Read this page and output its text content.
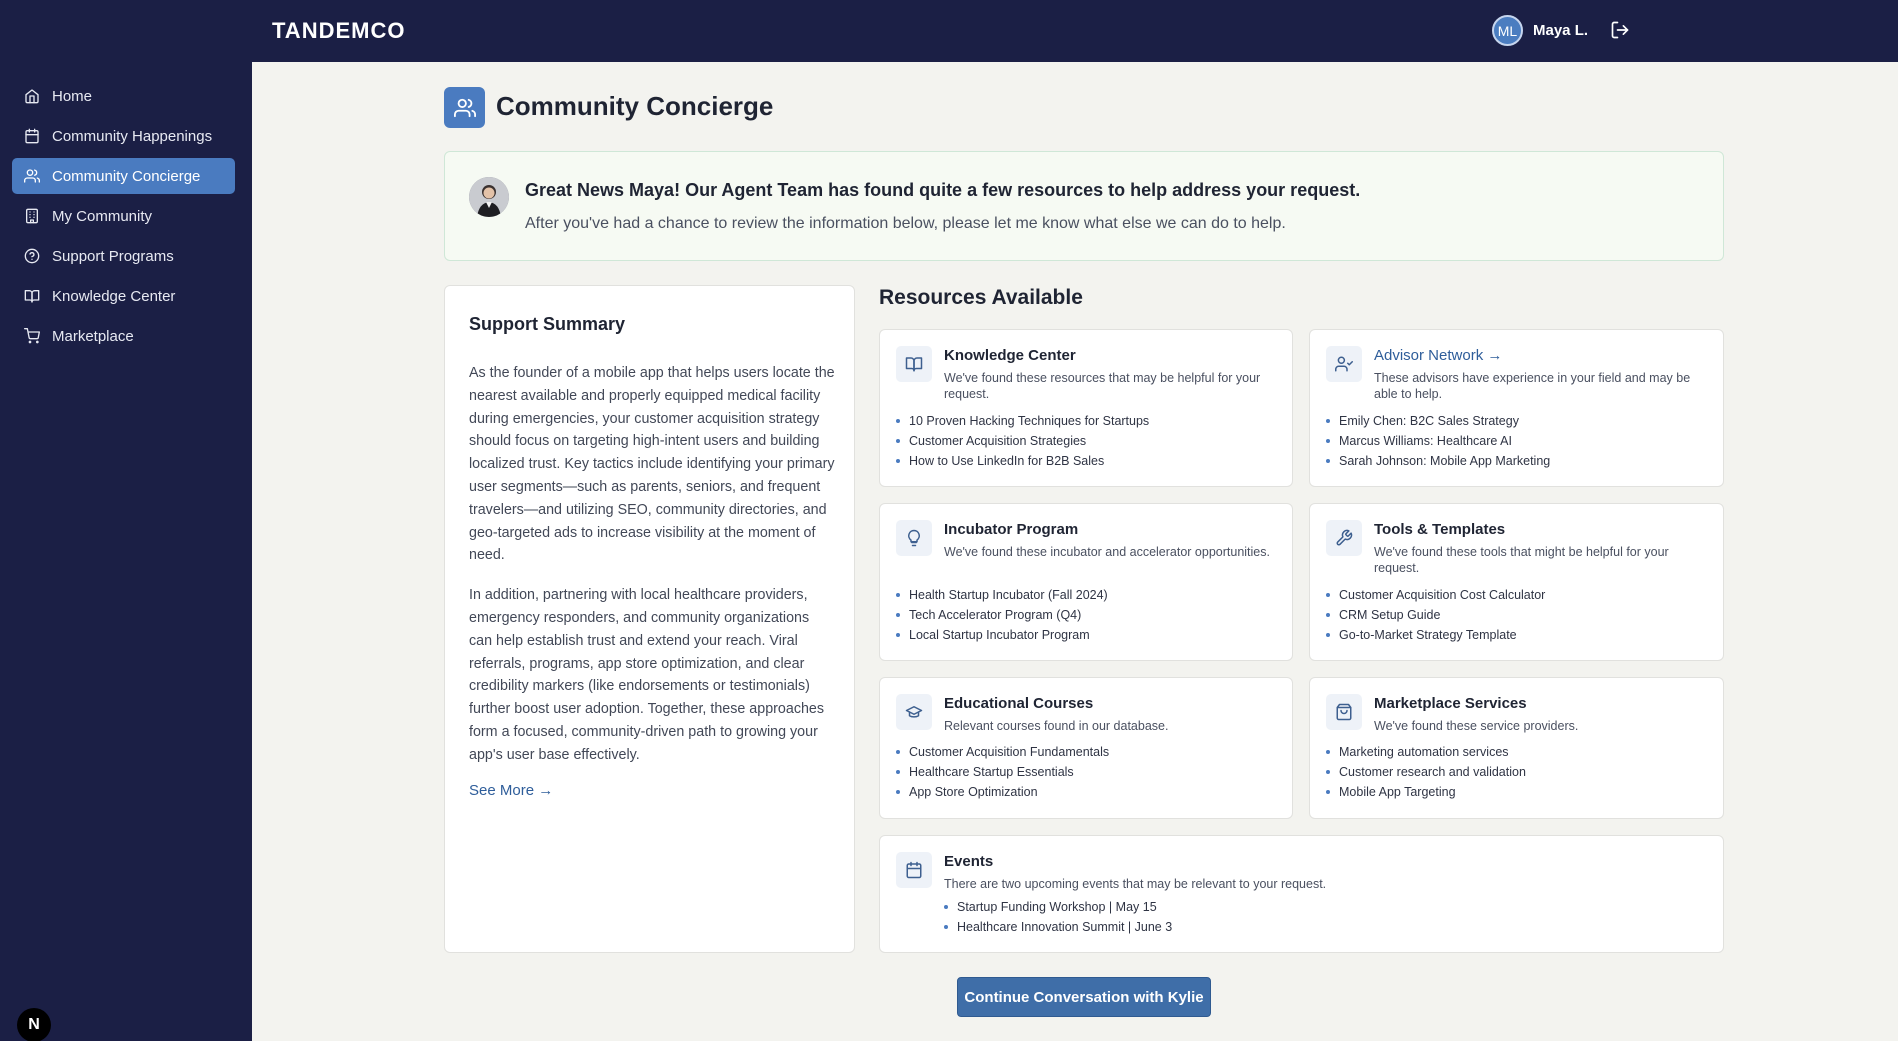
TANDEMCO	ML	Maya L.
Home
Community Happenings
Community Concierge
My Community
Support Programs
Knowledge Center
Marketplace
N
Community Concierge
Great News Maya! Our Agent Team has found quite a few resources to help address your request.
After you've had a chance to review the information below, please let me know what else we can do to help.
Support Summary

As the founder of a mobile app that helps users locate the nearest available and properly equipped medical facility during emergencies, your customer acquisition strategy should focus on targeting high-intent users and building localized trust. Key tactics include identifying your primary user segments—such as parents, seniors, and frequent travelers—and utilizing SEO, community directories, and geo-targeted ads to increase visibility at the moment of need.

In addition, partnering with local healthcare providers, emergency responders, and community organizations can help establish trust and extend your reach. Viral referrals, programs, app store optimization, and clear credibility markers (like endorsements or testimonials) further boost user adoption. Together, these approaches form a focused, community-driven path to growing your app's user base effectively.

See More →
Resources Available
Knowledge Center
We've found these resources that may be helpful for your request.
10 Proven Hacking Techniques for Startups
Customer Acquisition Strategies
How to Use LinkedIn for B2B Sales
Advisor Network →
These advisors have experience in your field and may be able to help.
Emily Chen: B2C Sales Strategy
Marcus Williams: Healthcare AI
Sarah Johnson: Mobile App Marketing
Incubator Program
We've found these incubator and accelerator opportunities.
Health Startup Incubator (Fall 2024)
Tech Accelerator Program (Q4)
Local Startup Incubator Program
Tools & Templates
We've found these tools that might be helpful for your request.
Customer Acquisition Cost Calculator
CRM Setup Guide
Go-to-Market Strategy Template
Educational Courses
Relevant courses found in our database.
Customer Acquisition Fundamentals
Healthcare Startup Essentials
App Store Optimization
Marketplace Services
We've found these service providers.
Marketing automation services
Customer research and validation
Mobile App Targeting
Events
There are two upcoming events that may be relevant to your request.
Startup Funding Workshop | May 15
Healthcare Innovation Summit | June 3
Continue Conversation with Kylie
